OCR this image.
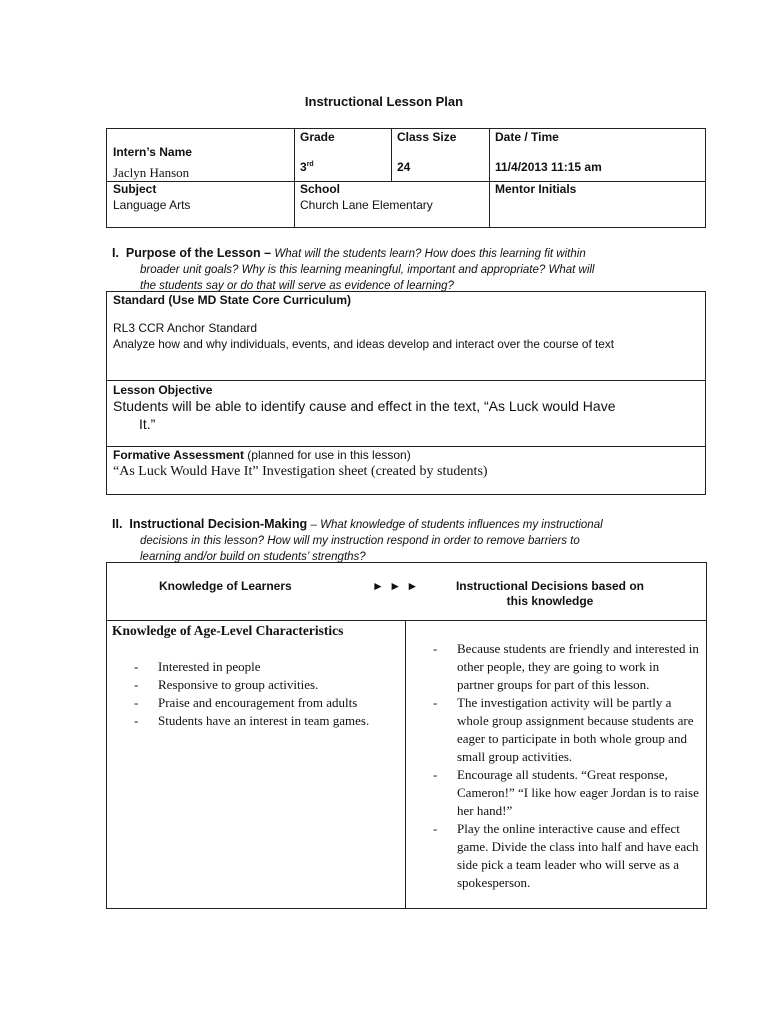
Instructional Lesson Plan
Intern’s Name
Jaclyn Hanson
Grade
3rd
Class Size
24
Date / Time
11/4/2013 11:15 am
Subject
Language Arts
School
Church Lane Elementary
Mentor Initials
I. Purpose of the Lesson – What will the students learn? How does this learning fit within
broader unit goals? Why is this learning meaningful, important and appropriate? What will
the students say or do that will serve as evidence of learning?
Standard (Use MD State Core Curriculum)
RL3 CCR Anchor Standard
Analyze how and why individuals, events, and ideas develop and interact over the course of text
Lesson Objective
Students will be able to identify cause and effect in the text, “As Luck would Have
It.”
Formative Assessment (planned for use in this lesson)
“As Luck Would Have It” Investigation sheet (created by students)
II. Instructional Decision-Making – What knowledge of students influences my instructional
decisions in this lesson? How will my instruction respond in order to remove barriers to
learning and/or build on students’ strengths?
Knowledge of Learners	► ► ►	Instructional Decisions based on
this knowledge
Knowledge of Age-Level Characteristics
- Interested in people
- Responsive to group activities.
- Praise and encouragement from adults
- Students have an interest in team games.
- Because students are friendly and interested in other people, they are going to work in partner groups for part of this lesson.
- The investigation activity will be partly a whole group assignment because students are eager to participate in both whole group and small group activities.
- Encourage all students. “Great response, Cameron!” “I like how eager Jordan is to raise her hand!”
- Play the online interactive cause and effect game. Divide the class into half and have each side pick a team leader who will serve as a spokesperson.
